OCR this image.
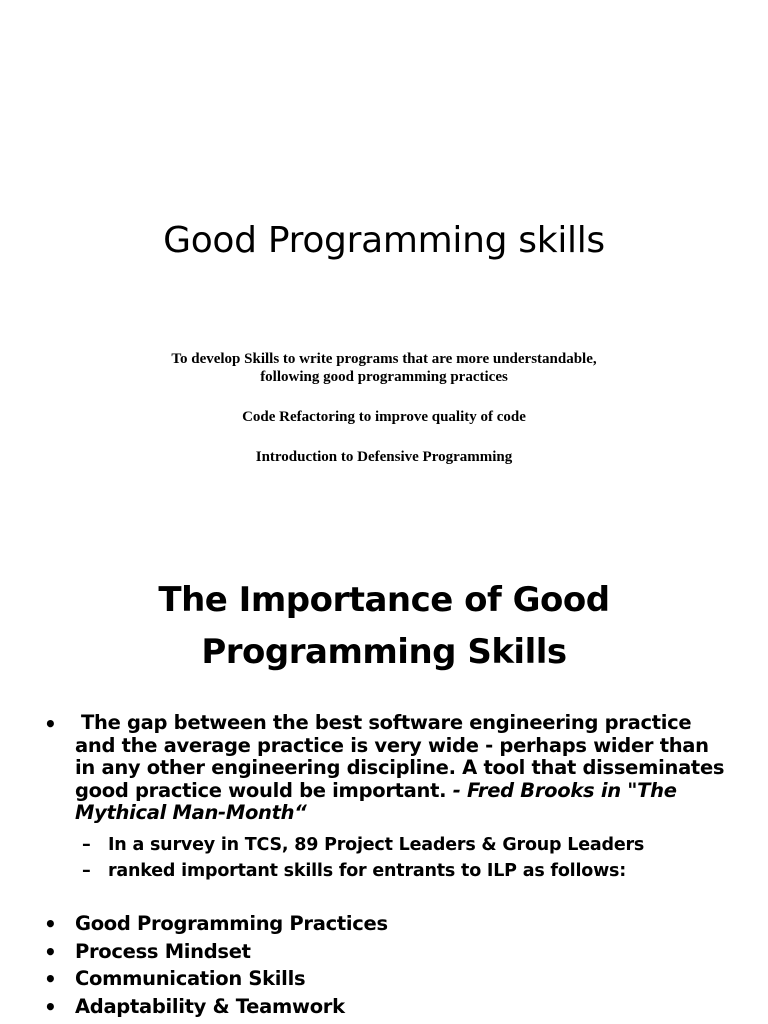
Good Programming skills

To develop Skills to write programs that are more understandable,
following good programming practices

Code Refactoring to improve quality of code

Introduction to Defensive Programming

The Importance of Good
Programming Skills
•	The gap between the best software engineering practice and the average practice is very wide - perhaps wider than in any other engineering discipline. A tool that disseminates good practice would be important. - Fred Brooks in "The Mythical Man-Month“
– In a survey in TCS, 89 Project Leaders & Group Leaders
– ranked important skills for entrants to ILP as follows:
• Good Programming Practices
• Process Mindset
• Communication Skills
• Adaptability & Teamwork
